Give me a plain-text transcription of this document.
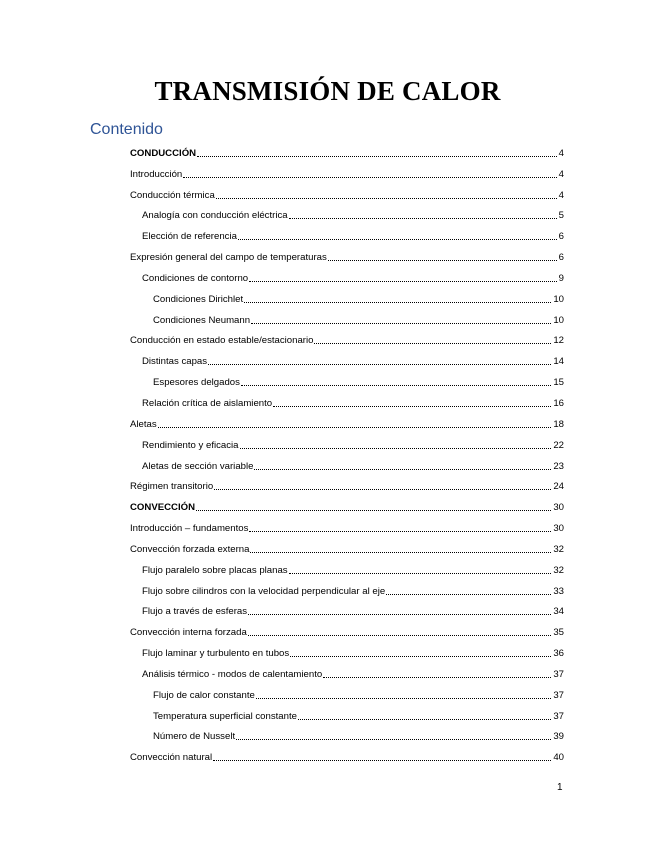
TRANSMISIÓN DE CALOR
Contenido
CONDUCCIÓN	4
Introducción	4
Conducción térmica	4
Analogía con conducción eléctrica	5
Elección de referencia	6
Expresión general del campo de temperaturas	6
Condiciones de contorno	9
Condiciones Dirichlet	10
Condiciones Neumann	10
Conducción en estado estable/estacionario	12
Distintas capas	14
Espesores delgados	15
Relación crítica de aislamiento	16
Aletas	18
Rendimiento y eficacia	22
Aletas de sección variable	23
Régimen transitorio	24
CONVECCIÓN	30
Introducción – fundamentos	30
Convección forzada externa	32
Flujo paralelo sobre placas planas	32
Flujo sobre cilindros con la velocidad perpendicular al eje	33
Flujo a través de esferas	34
Convección interna forzada	35
Flujo laminar y turbulento en tubos	36
Análisis térmico - modos de calentamiento	37
Flujo de calor constante	37
Temperatura superficial constante	37
Número de Nusselt	39
Convección natural	40
1
